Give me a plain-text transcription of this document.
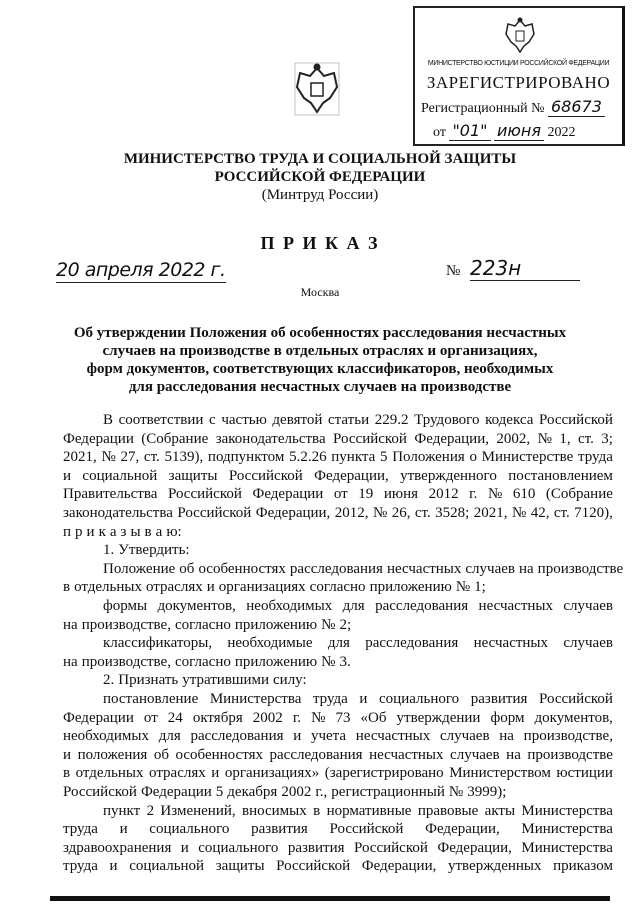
МИНИСТЕРСТВО ЮСТИЦИИ РОССИЙСКОЙ ФЕДЕРАЦИИ
ЗАРЕГИСТРИРОВАНО
Регистрационный № 68673
от "01" июня 2022
МИНИСТЕРСТВО ТРУДА И СОЦИАЛЬНОЙ ЗАЩИТЫ
РОССИЙСКОЙ ФЕДЕРАЦИИ
(Минтруд России)
П Р И К А З
20 апреля 2022 г.	№ 223н
Москва
Об утверждении Положения об особенностях расследования несчастных
случаев на производстве в отдельных отраслях и организациях,
форм документов, соответствующих классификаторов, необходимых
для расследования несчастных случаев на производстве
В соответствии с частью девятой статьи 229.2 Трудового кодекса Российской
Федерации (Собрание законодательства Российской Федерации, 2002, № 1, ст. 3;
2021, № 27, ст. 5139), подпунктом 5.2.26 пункта 5 Положения о Министерстве труда
и социальной защиты Российской Федерации, утвержденного постановлением
Правительства Российской Федерации от 19 июня 2012 г. № 610 (Собрание
законодательства Российской Федерации, 2012, № 26, ст. 3528; 2021, № 42, ст. 7120),
п р и к а з ы в а ю:
1. Утвердить:
Положение об особенностях расследования несчастных случаев на производстве
в отдельных отраслях и организациях согласно приложению № 1;
формы документов, необходимых для расследования несчастных случаев
на производстве, согласно приложению № 2;
классификаторы, необходимые для расследования несчастных случаев
на производстве, согласно приложению № 3.
2. Признать утратившими силу:
постановление Министерства труда и социального развития Российской
Федерации от 24 октября 2002 г. № 73 «Об утверждении форм документов,
необходимых для расследования и учета несчастных случаев на производстве,
и положения об особенностях расследования несчастных случаев на производстве
в отдельных отраслях и организациях» (зарегистрировано Министерством юстиции
Российской Федерации 5 декабря 2002 г., регистрационный № 3999);
пункт 2 Изменений, вносимых в нормативные правовые акты Министерства
труда и социального развития Российской Федерации, Министерства
здравоохранения и социального развития Российской Федерации, Министерства
труда и социальной защиты Российской Федерации, утвержденных приказом
